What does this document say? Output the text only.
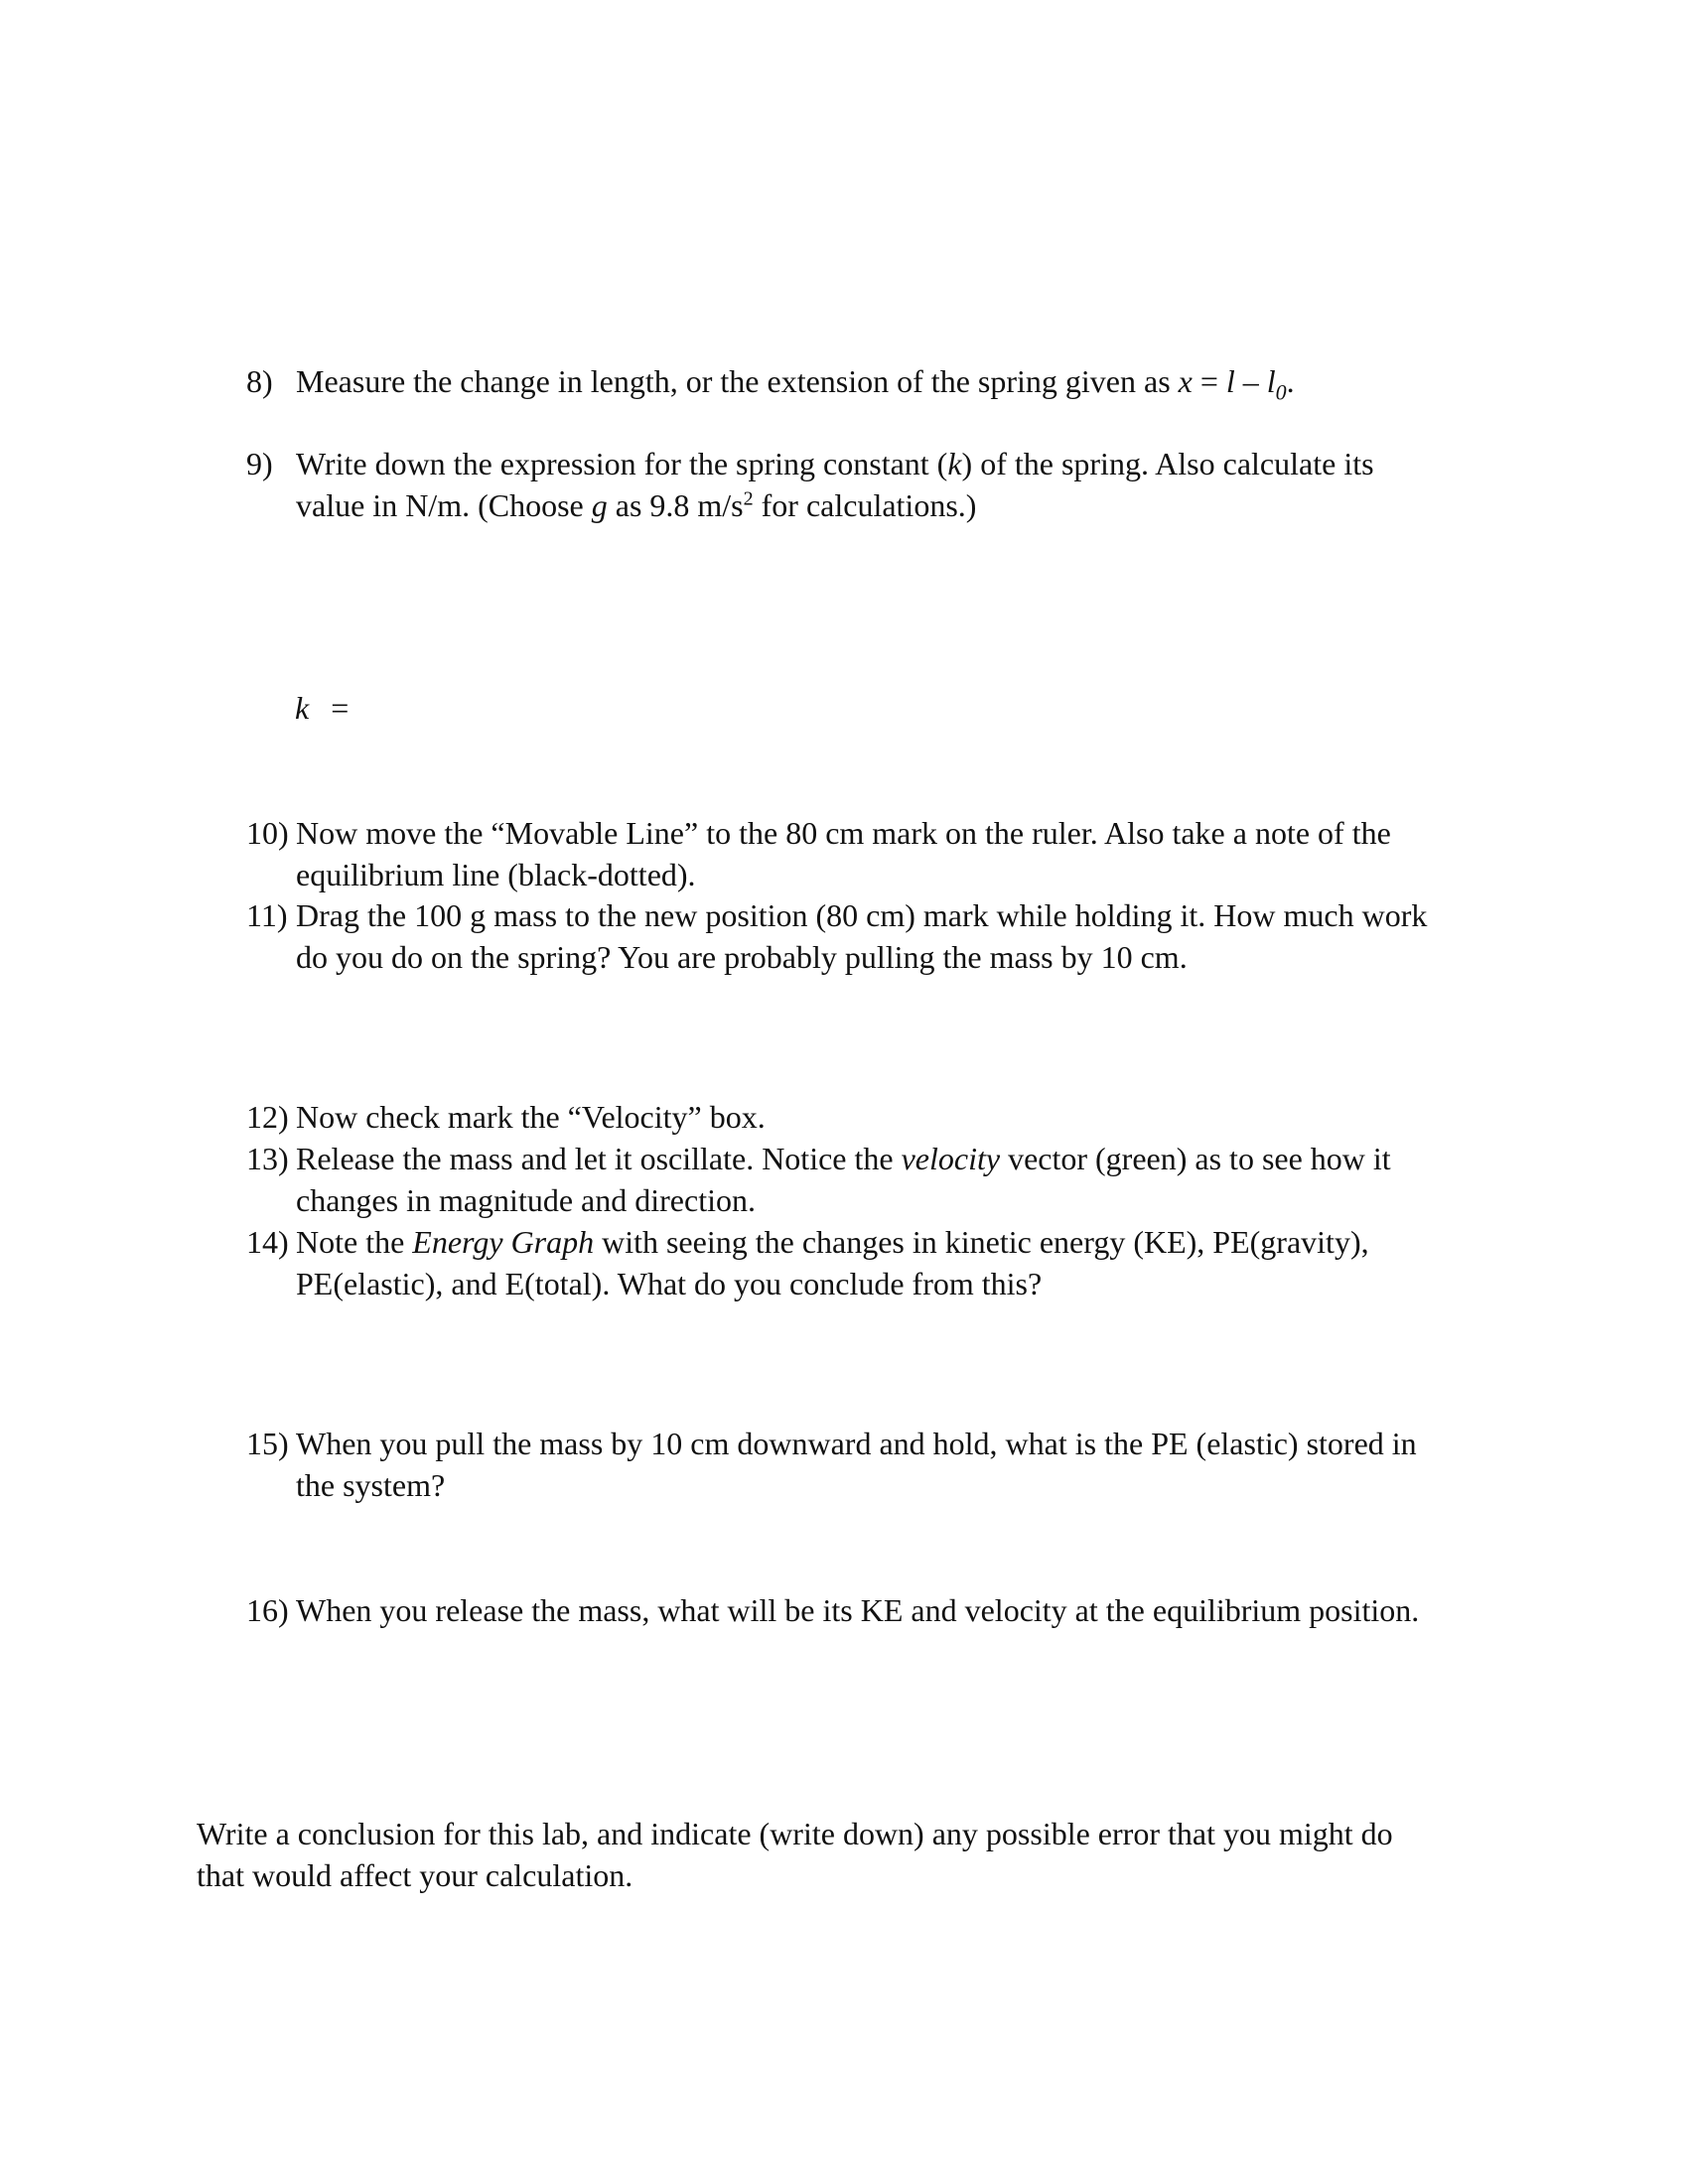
8) Measure the change in length, or the extension of the spring given as $x = l - l_0$.
9) Write down the expression for the spring constant (k) of the spring. Also calculate its
value in N/m. (Choose g as 9.8 $m/s^2$ for calculations.)
k =
10) Now move the “Movable Line” to the 80 cm mark on the ruler. Also take a note of the
equilibrium line (black-dotted).
11) Drag the 100 g mass to the new position (80 cm) mark while holding it. How much work
do you do on the spring? You are probably pulling the mass by 10 cm.
12) Now check mark the “Velocity” box.
13) Release the mass and let it oscillate. Notice the velocity vector (green) as to see how it
changes in magnitude and direction.
14) Note the Energy Graph with seeing the changes in kinetic energy (KE), PE(gravity),
PE(elastic), and E(total). What do you conclude from this?
15) When you pull the mass by 10 cm downward and hold, what is the PE (elastic) stored in
the system?
16) When you release the mass, what will be its KE and velocity at the equilibrium position.
Write a conclusion for this lab, and indicate (write down) any possible error that you might do
that would affect your calculation.
